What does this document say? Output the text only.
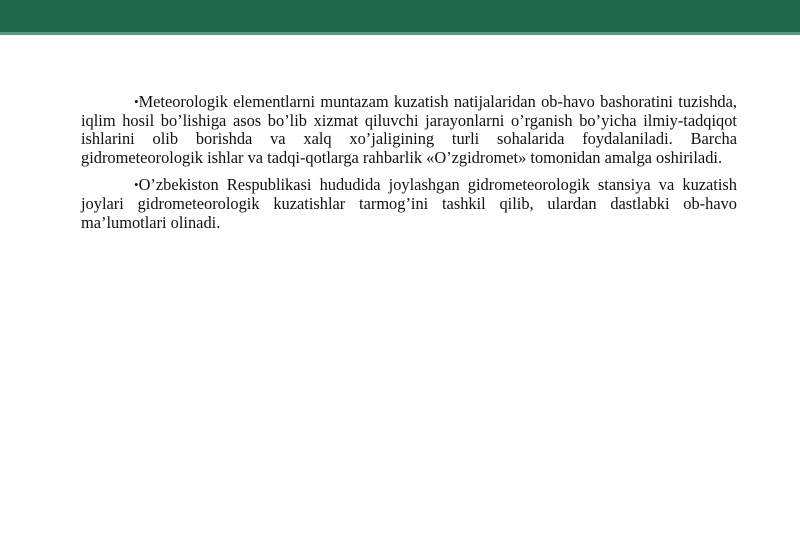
•Meteorologik elementlarni muntazam kuzatish natijalaridan ob-havo bashoratini tuzishda, iqlim hosil bo’lishiga asos bo’lib xizmat qiluvchi jarayonlarni o’rganish bo’yicha ilmiy-tadqiqot ishlarini olib borishda va xalq xo’jaligining turli sohalarida foydalaniladi. Barcha gidrometeorologik ishlar va tadqi-qotlarga rahbarlik «O’zgidromet» tomonidan amalga oshiriladi.

•O’zbekiston Respublikasi hududida joylashgan gidrometeorologik stansiya va kuzatish joylari gidrometeorologik kuzatishlar tarmog’ini tashkil qilib, ulardan dastlabki ob-havo ma’lumotlari olinadi.
